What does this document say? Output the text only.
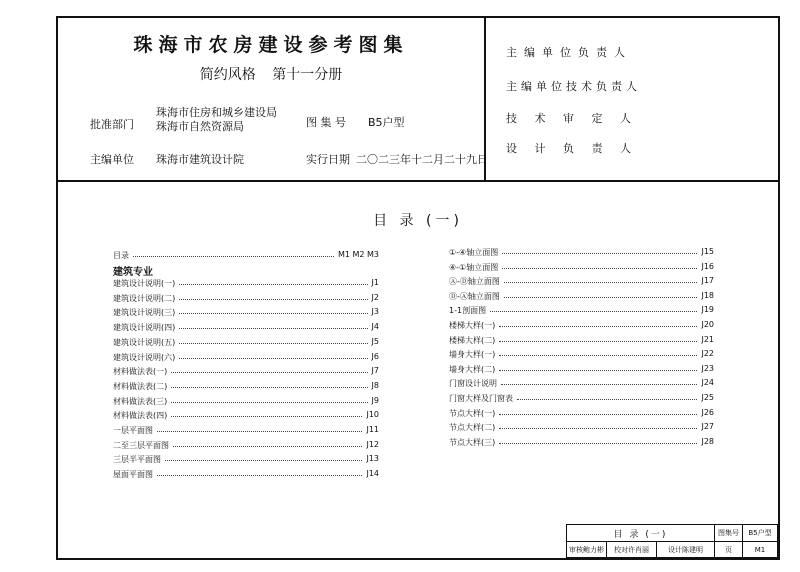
珠海市农房建设参考图集
简约风格 第十一分册
批准部门
珠海市住房和城乡建设局
珠海市自然资源局	图 集 号 B5户型
主编单位 珠海市建筑设计院	实行日期 二〇二三年十二月二十九日
主编单位负责人
主编单位技术负责人
技 术 审 定 人
设 计 负 责 人
目 录 (一)
建筑专业
目录	M1 M2 M3
建筑设计说明(一)	J1
建筑设计说明(二)	J2
建筑设计说明(三)	J3
建筑设计说明(四)	J4
建筑设计说明(五)	J5
建筑设计说明(六)	J6
材料做法表(一)	J7
材料做法表(二)	J8
材料做法表(三)	J9
材料做法表(四)	J10
一层平面图	J11
二至三层平面图	J12
三层半平面图	J13
屋面平面图	J14
①-④轴立面图	J15
④-①轴立面图	J16
Ⓐ-Ⓓ轴立面图	J17
Ⓓ-Ⓐ轴立面图	J18
1-1剖面图	J19
楼梯大样(一)	J20
楼梯大样(二)	J21
墙身大样(一)	J22
墙身大样(二)	J23
门窗设计说明	J24
门窗大样及门窗表	J25
节点大样(一)	J26
节点大样(二)	J27
节点大样(三)	J28
目 录 (一)	图集号	B5户型
审核鲍力彬	校对许肖丽	设计陈建明	页	M1
